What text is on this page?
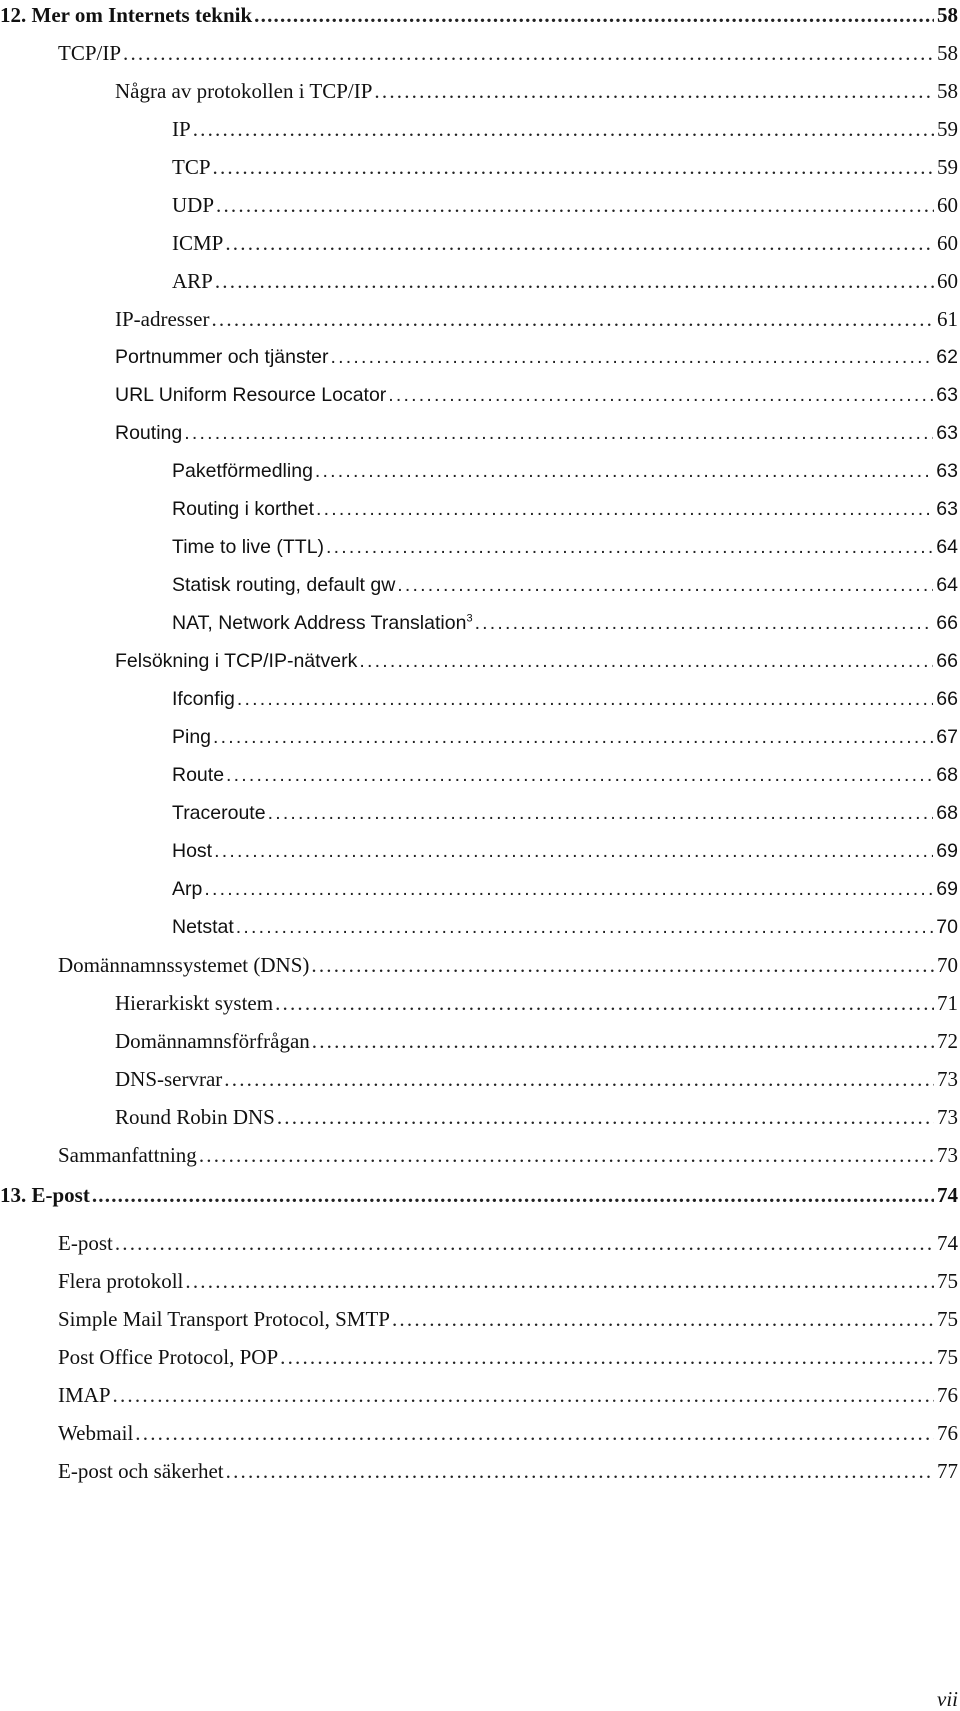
12. Mer om Internets teknik .....	58
TCP/IP .....	58
Några av protokollen i TCP/IP .....	58
IP .....	59
TCP .....	59
UDP .....	60
ICMP .....	60
ARP .....	60
IP-adresser .....	61
Portnummer och tjänster .....	62
URL Uniform Resource Locator .....	63
Routing .....	63
Paketförmedling .....	63
Routing i korthet .....	63
Time to live (TTL) .....	64
Statisk routing, default gw .....	64
NAT, Network Address Translation$^3$ .....	66
Felsökning i TCP/IP-nätverk .....	66
Ifconfig .....	66
Ping .....	67
Route .....	68
Traceroute .....	68
Host .....	69
Arp .....	69
Netstat .....	70
Domännamnssystemet (DNS) .....	70
Hierarkiskt system .....	71
Domännamnsförfrågan .....	72
DNS-servrar .....	73
Round Robin DNS .....	73
Sammanfattning .....	73
13. E-post .....	74
E-post .....	74
Flera protokoll .....	75
Simple Mail Transport Protocol, SMTP .....	75
Post Office Protocol, POP .....	75
IMAP .....	76
Webmail .....	76
E-post och säkerhet .....	77
vii
